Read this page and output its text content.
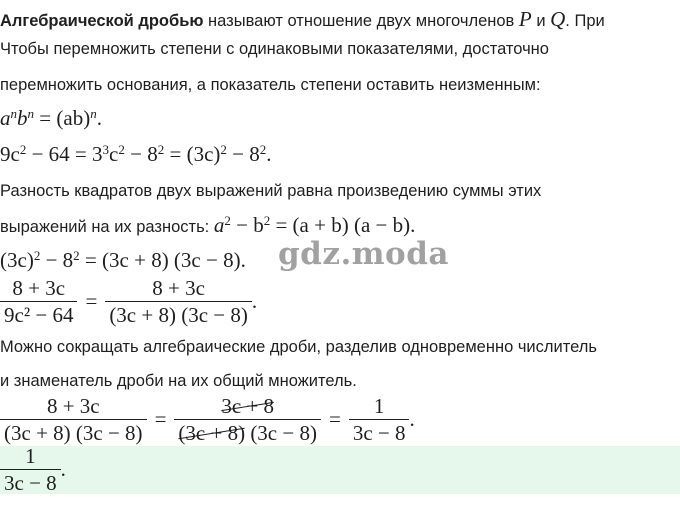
Алгебраической дробью называют отношение двух многочленов P и Q. При
Чтобы перемножить степени с одинаковыми показателями, достаточно
перемножить основания, а показатель степени оставить неизменным:
$a^nb^n = (ab)^n$.
$9c^2 - 64 = 3^3c^2 - 8^2 = (3c)^2 - 8^2$.
Разность квадратов двух выражений равна произведению суммы этих
выражений на их разность: $a^2 - b^2 = (a + b) (a - b)$.
$(3c)^2 - 8^2 = (3c + 8) (3c - 8)$.
$\frac{8 + 3c}{\text{9c² − 64}} = \frac{8 + 3c}{(3c + 8) (3c - 8)}$ .
Можно сокращать алгебраические дроби, разделив одновременно числитель
и знаменатель дроби на их общий множитель.
$\frac{8 + 3c}{(3c + 8) (3c - 8)} = \frac{3c + 8}{(3c + 8) (3c - 8)} = \frac{1}{3c - 8}$ .
$\frac{1}{3c - 8}$ .
gdz.moda
